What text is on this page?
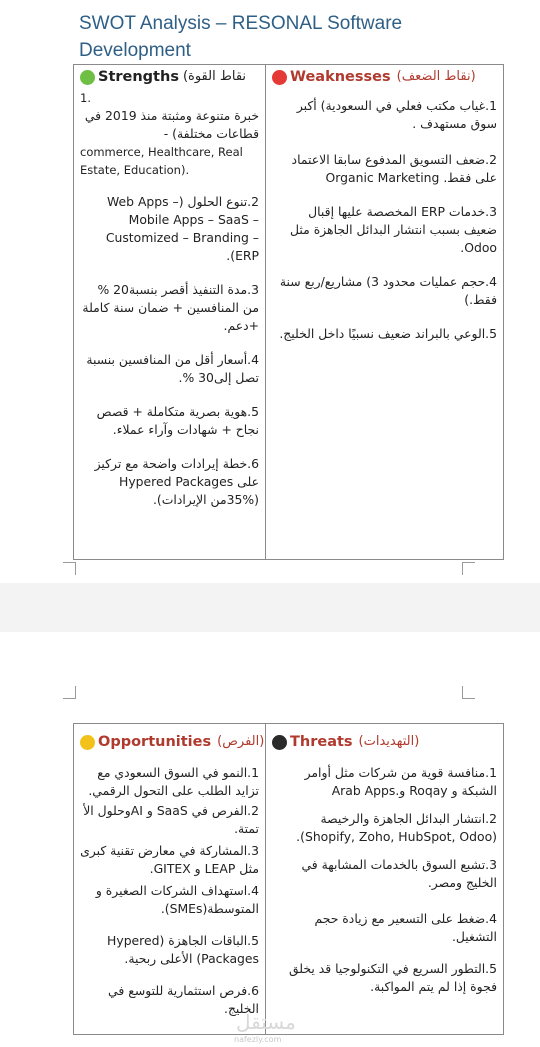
SWOT Analysis – RESONAL Software Development
Strengths (نقاط القوة
1.
خبرة متنوعة ومثبتة منذ 2019 في قطاعات مختلفة) -
commerce, Healthcare, Real Estate, Education).
2.تنوع الحلول (Web Apps – Mobile Apps – SaaS – Customized – Branding – ERP).
3.مدة التنفيذ أقصر بنسبة20 % من المنافسين + ضمان سنة كاملة +دعم.
4.أسعار أقل من المنافسين بنسبة تصل إلى30 %.
5.هوية بصرية متكاملة + قصص نجاح + شهادات وآراء عملاء.
6.خطة إيرادات واضحة مع تركيز على Hypered Packages (35%من الإيرادات).

Weaknesses (نقاط الضعف)
1.غياب مكتب فعلي في السعودية) أكبر سوق مستهدف .
2.ضعف التسويق المدفوع سابقا الاعتماد على فقط. Organic Marketing
3.خدمات ERP المخصصة عليها إقبال ضعيف بسبب انتشار البدائل الجاهزة مثل Odoo.
4.حجم عمليات محدود 3) مشاريع/ربع سنة فقط.)
5.الوعي بالبراند ضعيف نسبيًا داخل الخليج.
Opportunities (الفرص)
1.النمو في السوق السعودي مع تزايد الطلب على التحول الرقمي.
2.الفرص في SaaS و AIوحلول الأ تمتة.
3.المشاركة في معارض تقنية كبرى مثل LEAP و GITEX.
4.استهداف الشركات الصغيرة و المتوسطة(SMEs).
5.الباقات الجاهزة (Hypered Packages) الأعلى ربحية.
6.فرص استثمارية للتوسع في الخليج.

Threats (التهديدات)
1.منافسة قوية من شركات مثل أوامر الشبكة و Roqay و.Arab Apps
2.انتشار البدائل الجاهزة والرخيصة (Shopify, Zoho, HubSpot, Odoo).
3.تشبع السوق بالخدمات المشابهة في الخليج ومصر.
4.ضغط على التسعير مع زيادة حجم التشغيل.
5.التطور السريع في التكنولوجيا قد يخلق فجوة إذا لم يتم المواكبة.
مستقل
nafezly.com
